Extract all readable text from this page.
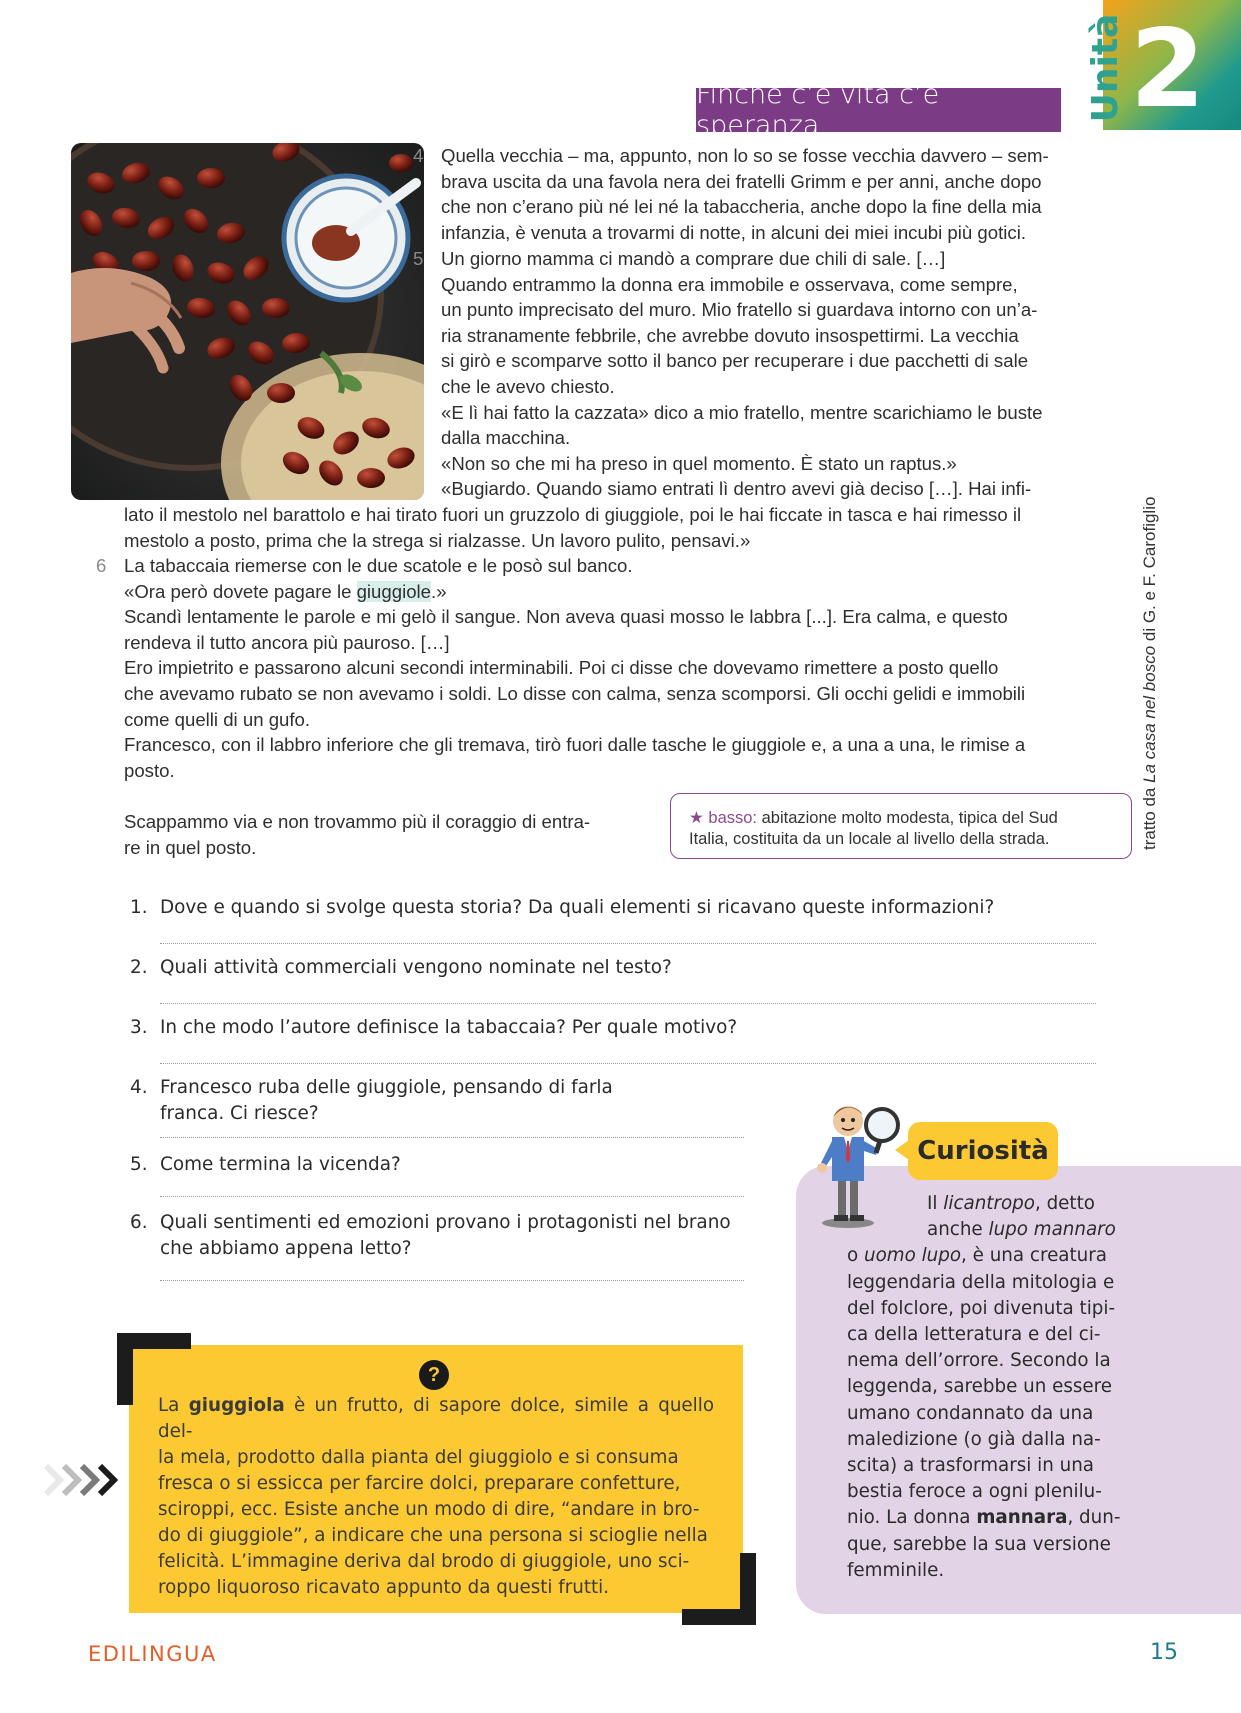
2
Unità
Finché c’è vita c’è speranza
4 Quella vecchia – ma, appunto, non lo so se fosse vecchia davvero – sem-

brava uscita da una favola nera dei fratelli Grimm e per anni, anche dopo

che non c’erano più né lei né la tabaccheria, anche dopo la fine della mia

infanzia, è venuta a trovarmi di notte, in alcuni dei miei incubi più gotici.

5 Un giorno mamma ci mandò a comprare due chili di sale. […]

Quando entrammo la donna era immobile e osservava, come sempre,

un punto imprecisato del muro. Mio fratello si guardava intorno con un’a-

ria stranamente febbrile, che avrebbe dovuto insospettirmi. La vecchia

si girò e scomparve sotto il banco per recuperare i due pacchetti di sale

che le avevo chiesto.

«E lì hai fatto la cazzata» dico a mio fratello, mentre scarichiamo le buste

dalla macchina.

«Non so che mi ha preso in quel momento. È stato un raptus.»

«Bugiardo. Quando siamo entrati lì dentro avevi già deciso […]. Hai infi-

lato il mestolo nel barattolo e hai tirato fuori un gruzzolo di giuggiole, poi le hai ficcate in tasca e hai rimesso il

mestolo a posto, prima che la strega si rialzasse. Un lavoro pulito, pensavi.»

6 La tabaccaia riemerse con le due scatole e le posò sul banco.

«Ora però dovete pagare le giuggiole.»

Scandì lentamente le parole e mi gelò il sangue. Non aveva quasi mosso le labbra [...]. Era calma, e questo

rendeva il tutto ancora più pauroso. […]

Ero impietrito e passarono alcuni secondi interminabili. Poi ci disse che dovevamo rimettere a posto quello

che avevamo rubato se non avevamo i soldi. Lo disse con calma, senza scomporsi. Gli occhi gelidi e immobili

come quelli di un gufo.

Francesco, con il labbro inferiore che gli tremava, tirò fuori dalle tasche le giuggiole e, a una a una, le rimise a

posto.

Scappammo via e non trovammo più il coraggio di entra-

re in quel posto.	tratto da La casa nel bosco di G. e F. Carofiglio
★ basso: abitazione molto modesta, tipica del Sud
Italia, costituita da un locale al livello della strada.
1. Dove e quando si svolge questa storia? Da quali elementi si ricavano queste informazioni?
2. Quali attività commerciali vengono nominate nel testo?
3. In che modo l’autore definisce la tabaccaia? Per quale motivo?
4. Francesco ruba delle giuggiole, pensando di farla
franca. Ci riesce?
5. Come termina la vicenda?
6. Quali sentimenti ed emozioni provano i protagonisti nel brano
che abbiamo appena letto?
?
La giuggiola è un frutto, di sapore dolce, simile a quello del-
la mela, prodotto dalla pianta del giuggiolo e si consuma
fresca o si essicca per farcire dolci, preparare confetture,
sciroppi, ecc. Esiste anche un modo di dire, “andare in bro-
do di giuggiole”, a indicare che una persona si scioglie nella
felicità. L’immagine deriva dal brodo di giuggiole, uno sci-
roppo liquoroso ricavato appunto da questi frutti.
Curiosità
Il licantropo, detto
anche lupo mannaro
o uomo lupo, è una creatura
leggendaria della mitologia e
del folclore, poi divenuta tipi-
ca della letteratura e del ci-
nema dell’orrore. Secondo la
leggenda, sarebbe un essere
umano condannato da una
maledizione (o già dalla na-
scita) a trasformarsi in una
bestia feroce a ogni plenilu-
nio. La donna mannara, dun-
que, sarebbe la sua versione
femminile.
EDILINGUA	15
